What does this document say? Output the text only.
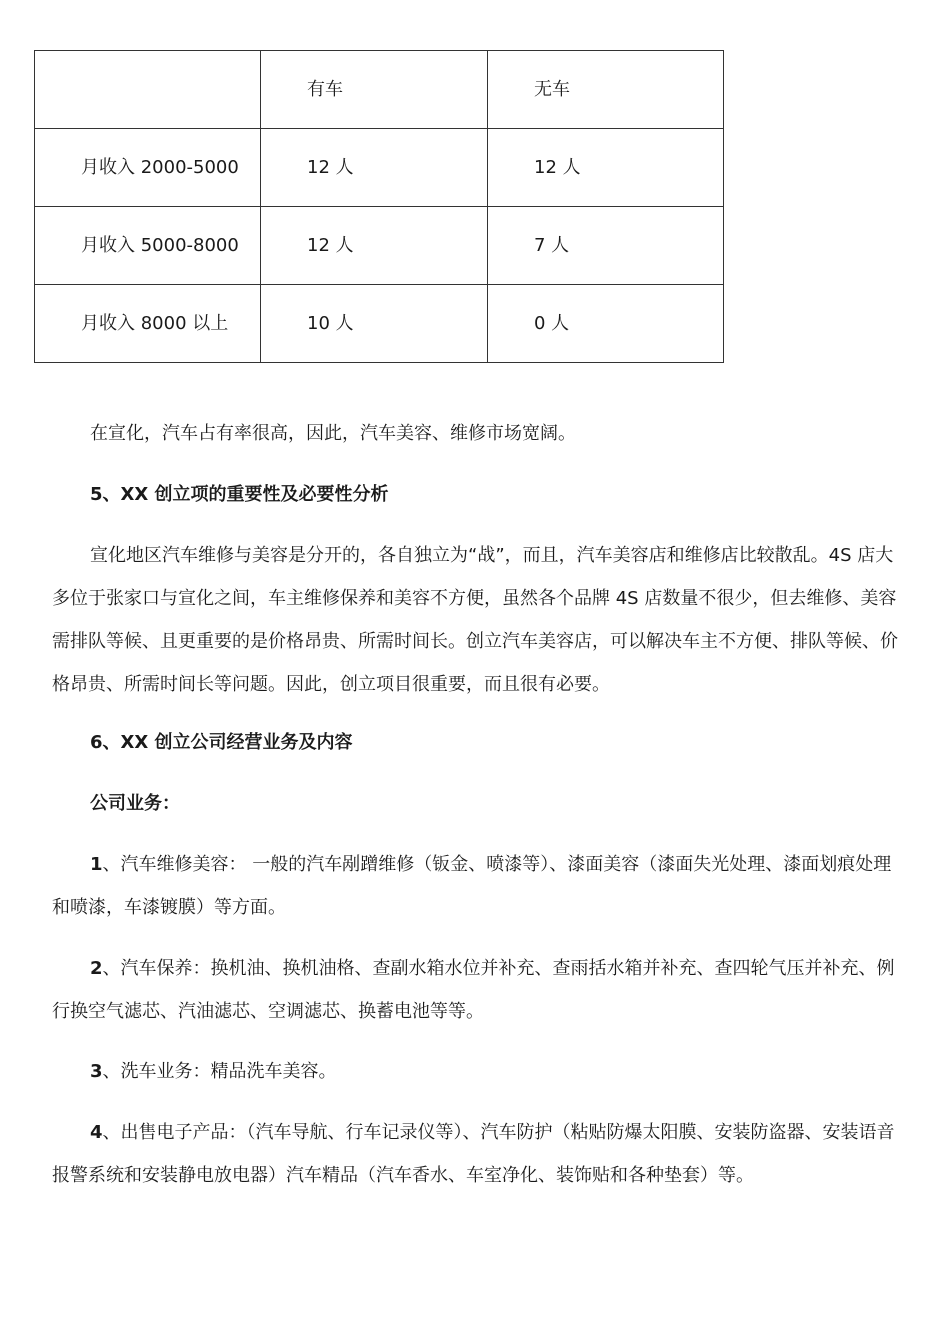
	有车	无车
月收入 2000-5000	12 人	12 人
月收入 5000-8000	12 人	7 人
月收入 8000 以上	10 人	0 人

在宣化，汽车占有率很高，因此，汽车美容、维修市场宽阔。

5、XX 创立项的重要性及必要性分析

宣化地区汽车维修与美容是分开的，各自独立为“战”，而且，汽车美容店和维修店比较散乱。4S 店大多位于张家口与宣化之间，车主维修保养和美容不方便，虽然各个品牌 4S 店数量不很少，但去维修、美容需排队等候、且更重要的是价格昂贵、所需时间长。创立汽车美容店，可以解决车主不方便、排队等候、价格昂贵、所需时间长等问题。因此，创立项目很重要，而且很有必要。

6、XX 创立公司经营业务及内容

公司业务：

1、汽车维修美容： 一般的汽车剐蹭维修（钣金、喷漆等）、漆面美容（漆面失光处理、漆面划痕处理和喷漆，车漆镀膜）等方面。

2、汽车保养：换机油、换机油格、查副水箱水位并补充、查雨括水箱并补充、查四轮气压并补充、例行换空气滤芯、汽油滤芯、空调滤芯、换蓄电池等等。

3、洗车业务：精品洗车美容。

4、出售电子产品：（汽车导航、行车记录仪等）、汽车防护（粘贴防爆太阳膜、安装防盗器、安装语音报警系统和安装静电放电器）汽车精品（汽车香水、车室净化、装饰贴和各种垫套）等。
